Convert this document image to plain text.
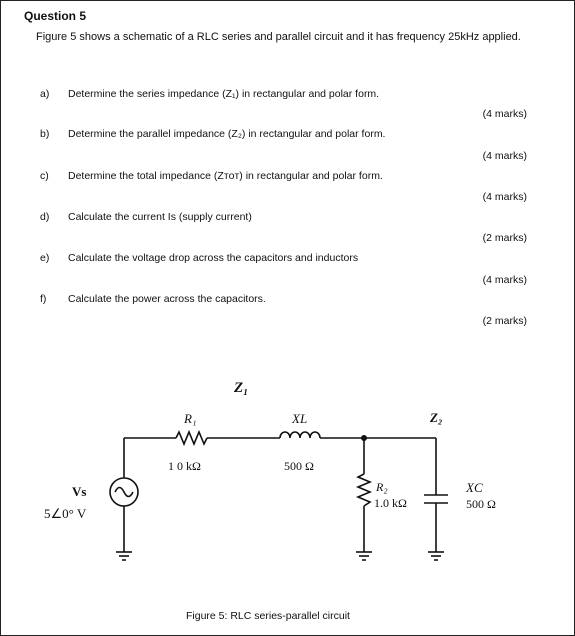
Question 5
Figure 5 shows a schematic of a RLC series and parallel circuit and it has frequency 25kHz applied.
a) Determine the series impedance (Z₁) in rectangular and polar form.
(4 marks)
b) Determine the parallel impedance (Z₂) in rectangular and polar form.
(4 marks)
c) Determine the total impedance (Zᴛᴏᴛ) in rectangular and polar form.
(4 marks)
d) Calculate the current Is (supply current)
(2 marks)
e) Calculate the voltage drop across the capacitors and inductors
(4 marks)
f) Calculate the power across the capacitors.
(2 marks)
Z₁
Z₂
R₁
1 0 kΩ
XL
500 Ω
R₂
1.0 kΩ
XC
500 Ω
Vs
5∠0° V
Figure 5: RLC series-parallel circuit
